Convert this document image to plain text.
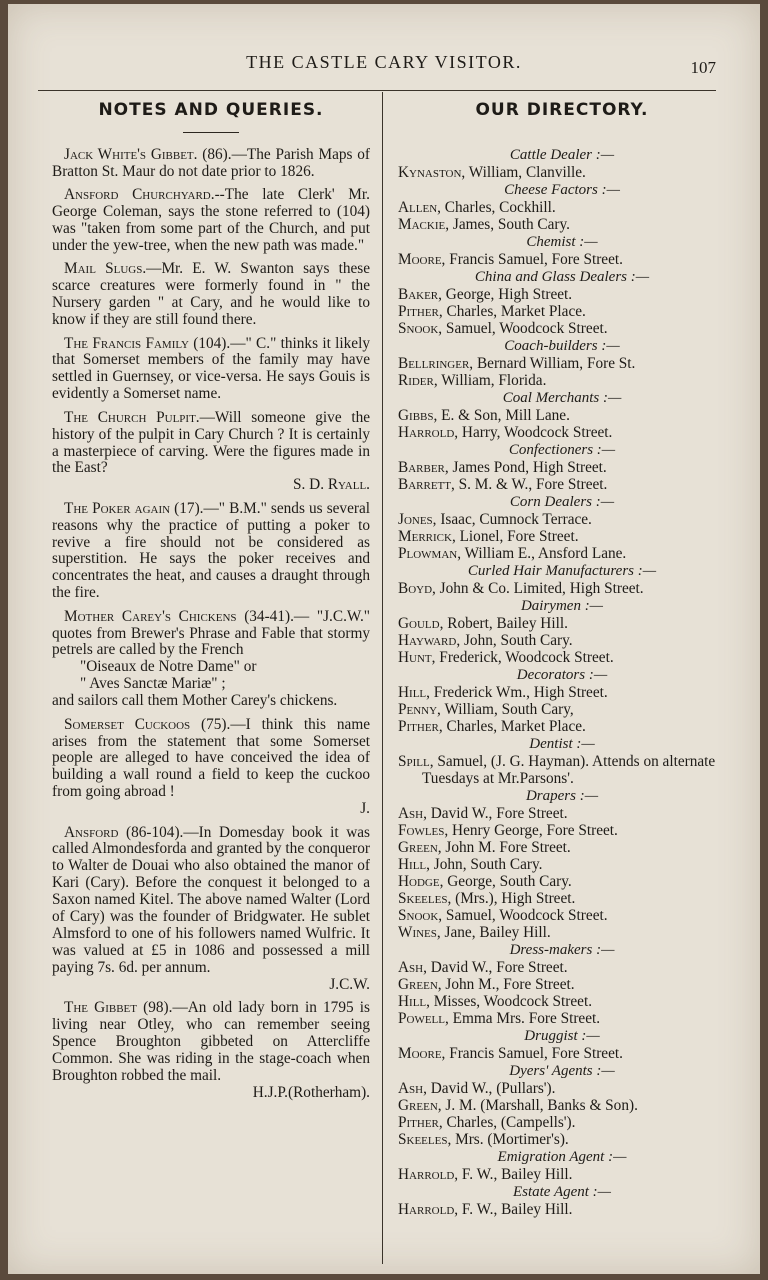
THE CASTLE CARY VISITOR.	107
NOTES AND QUERIES.

Jack White's Gibbet. (86).—The Parish Maps of Bratton St. Maur do not date prior to 1826.

Ansford Churchyard.--The late Clerk' Mr. George Coleman, says the stone referred to (104) was "taken from some part of the Church, and put under the yew-tree, when the new path was made."

Mail Slugs.—Mr. E. W. Swanton says these scarce creatures were formerly found in " the Nursery garden " at Cary, and he would like to know if they are still found there.

The Francis Family (104).—" C." thinks it likely that Somerset members of the family may have settled in Guernsey, or vice-versa. He says Gouis is evidently a Somerset name.

The Church Pulpit.—Will someone give the history of the pulpit in Cary Church ? It is certainly a masterpiece of carving. Were the figures made in the East?
S. D. Ryall.

The Poker again (17).—" B.M." sends us several reasons why the practice of putting a poker to revive a fire should not be considered as superstition. He says the poker receives and concentrates the heat, and causes a draught through the fire.

Mother Carey's Chickens (34-41).— "J.C.W." quotes from Brewer's Phrase and Fable that stormy petrels are called by the French
"Oiseaux de Notre Dame" or
" Aves Sanctæ Mariæ" ;
and sailors call them Mother Carey's chickens.

Somerset Cuckoos (75).—I think this name arises from the statement that some Somerset people are alleged to have conceived the idea of building a wall round a field to keep the cuckoo from going abroad !
J.

Ansford (86-104).—In Domesday book it was called Almondesforda and granted by the conqueror to Walter de Douai who also obtained the manor of Kari (Cary). Before the conquest it belonged to a Saxon named Kitel. The above named Walter (Lord of Cary) was the founder of Bridgwater. He sublet Almsford to one of his followers named Wulfric. It was valued at £5 in 1086 and possessed a mill paying 7s. 6d. per annum.
J.C.W.

The Gibbet (98).—An old lady born in 1795 is living near Otley, who can remember seeing Spence Broughton gibbeted on Attercliffe Common. She was riding in the stage-coach when Broughton robbed the mail.
H.J.P.(Rotherham).

OUR DIRECTORY.
Cattle Dealer :—
Kynaston, William, Clanville.
Cheese Factors :—
Allen, Charles, Cockhill.
Mackie, James, South Cary.
Chemist :—
Moore, Francis Samuel, Fore Street.
China and Glass Dealers :—
Baker, George, High Street.
Pither, Charles, Market Place.
Snook, Samuel, Woodcock Street.
Coach-builders :—
Bellringer, Bernard William, Fore St.
Rider, William, Florida.
Coal Merchants :—
Gibbs, E. & Son, Mill Lane.
Harrold, Harry, Woodcock Street.
Confectioners :—
Barber, James Pond, High Street.
Barrett, S. M. & W., Fore Street.
Corn Dealers :—
Jones, Isaac, Cumnock Terrace.
Merrick, Lionel, Fore Street.
Plowman, William E., Ansford Lane.
Curled Hair Manufacturers :—
Boyd, John & Co. Limited, High Street.
Dairymen :—
Gould, Robert, Bailey Hill.
Hayward, John, South Cary.
Hunt, Frederick, Woodcock Street.
Decorators :—
Hill, Frederick Wm., High Street.
Penny, William, South Cary,
Pither, Charles, Market Place.
Dentist :—
Spill, Samuel, (J. G. Hayman). Attends on alternate Tuesdays at Mr.Parsons'.
Drapers :—
Ash, David W., Fore Street.
Fowles, Henry George, Fore Street.
Green, John M. Fore Street.
Hill, John, South Cary.
Hodge, George, South Cary.
Skeeles, (Mrs.), High Street.
Snook, Samuel, Woodcock Street.
Wines, Jane, Bailey Hill.
Dress-makers :—
Ash, David W., Fore Street.
Green, John M., Fore Street.
Hill, Misses, Woodcock Street.
Powell, Emma Mrs. Fore Street.
Druggist :—
Moore, Francis Samuel, Fore Street.
Dyers' Agents :—
Ash, David W., (Pullars').
Green, J. M. (Marshall, Banks & Son).
Pither, Charles, (Campells').
Skeeles, Mrs. (Mortimer's).
Emigration Agent :—
Harrold, F. W., Bailey Hill.
Estate Agent :—
Harrold, F. W., Bailey Hill.
